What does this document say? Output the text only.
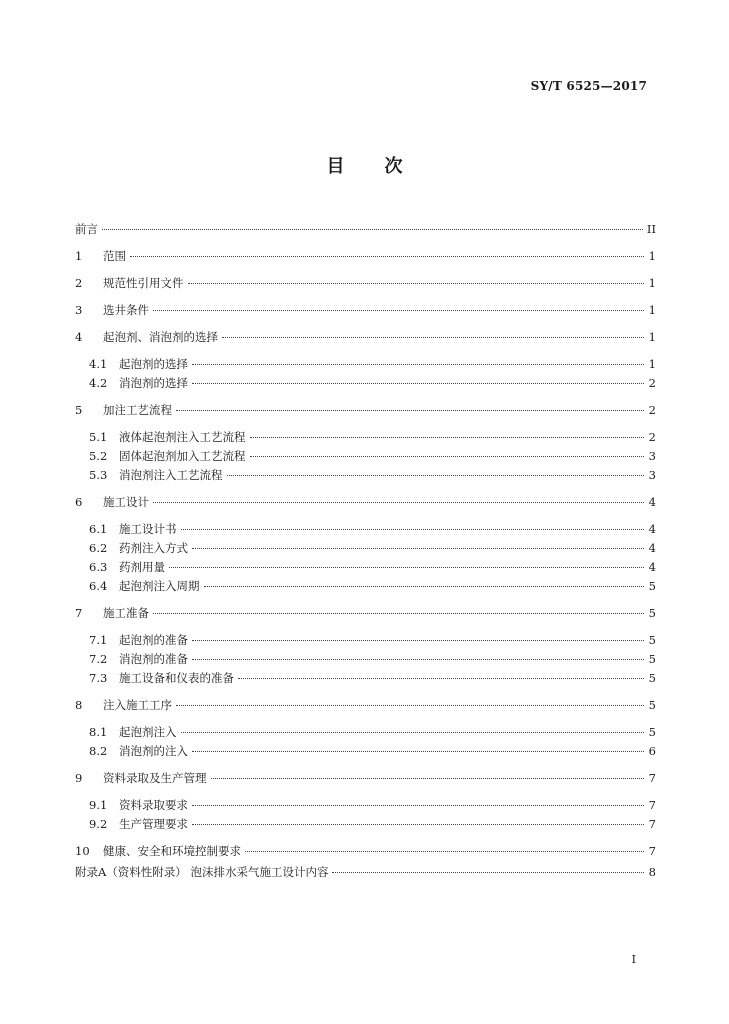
SY/T 6525—2017
目次
前言	II
1	范围	1
2	规范性引用文件	1
3	选井条件	1
4	起泡剂、消泡剂的选择	1
4.1	起泡剂的选择	1
4.2	消泡剂的选择	2
5	加注工艺流程	2
5.1	液体起泡剂注入工艺流程	2
5.2	固体起泡剂加入工艺流程	3
5.3	消泡剂注入工艺流程	3
6	施工设计	4
6.1	施工设计书	4
6.2	药剂注入方式	4
6.3	药剂用量	4
6.4	起泡剂注入周期	5
7	施工准备	5
7.1	起泡剂的准备	5
7.2	消泡剂的准备	5
7.3	施工设备和仪表的准备	5
8	注入施工工序	5
8.1	起泡剂注入	5
8.2	消泡剂的注入	6
9	资料录取及生产管理	7
9.1	资料录取要求	7
9.2	生产管理要求	7
10	健康、安全和环境控制要求	7
附录A（资料性附录） 泡沫排水采气施工设计内容	8
I
